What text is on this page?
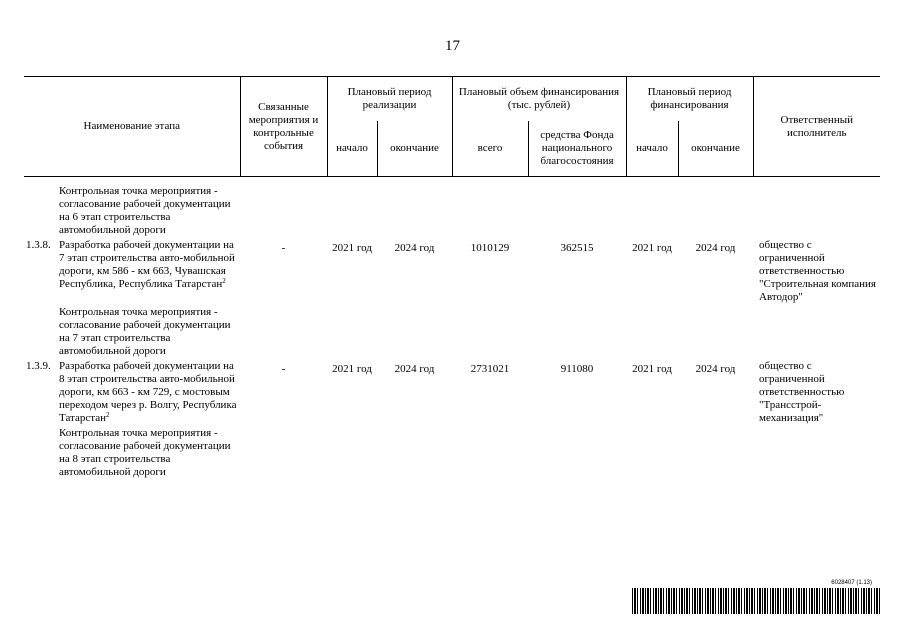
17
Наименование этапа		Связанные мероприятия и контрольные события	Плановый период реализации		Плановый объем финансирования (тыс. рублей)		Плановый период финансирования		Ответственный исполнитель
			начало	окончание	всего	средства Фонда национального благосостояния	начало	окончание	
	Контрольная точка мероприятия - согласование рабочей документации на 6 этап строительства автомобильной дороги								
1.3.8.	Разработка рабочей документации на 7 этап строительства авто-мобильной дороги, км 586 - км 663, Чувашская Республика, Республика Татарстан$^2$	-	2021 год	2024 год	1010129	362515	2021 год	2024 год	общество с ограниченной ответственностью "Строительная компания Автодор"
	Контрольная точка мероприятия - согласование рабочей документации на 7 этап строительства автомобильной дороги								
1.3.9.	Разработка рабочей документации на 8 этап строительства авто-мобильной дороги, км 663 - км 729, с мостовым переходом через р. Волгу, Республика Татарстан$^2$	-	2021 год	2024 год	2731021	911080	2021 год	2024 год	общество с ограниченной ответственностью "Трансстрой-механизация"
	Контрольная точка мероприятия - согласование рабочей документации на 8 этап строительства автомобильной дороги								
6028407 (1.13)
